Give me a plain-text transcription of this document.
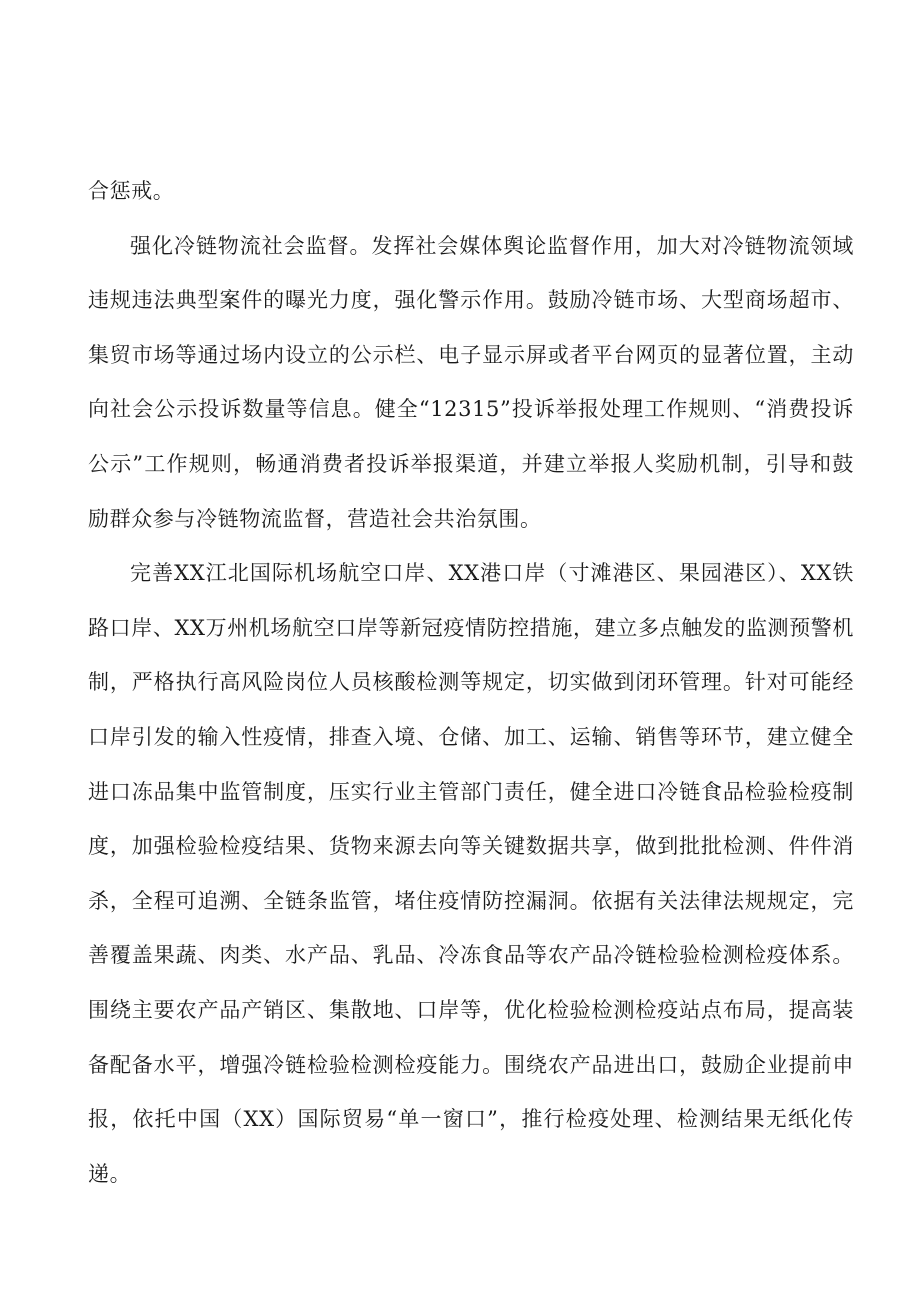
合惩戒。

强化冷链物流社会监督。发挥社会媒体舆论监督作用，加大对冷链物流领域违规违法典型案件的曝光力度，强化警示作用。鼓励冷链市场、大型商场超市、集贸市场等通过场内设立的公示栏、电子显示屏或者平台网页的显著位置，主动向社会公示投诉数量等信息。健全“12315”投诉举报处理工作规则、“消费投诉公示”工作规则，畅通消费者投诉举报渠道，并建立举报人奖励机制，引导和鼓励群众参与冷链物流监督，营造社会共治氛围。

完善XX江北国际机场航空口岸、XX港口岸（寸滩港区、果园港区）、XX铁路口岸、XX万州机场航空口岸等新冠疫情防控措施，建立多点触发的监测预警机制，严格执行高风险岗位人员核酸检测等规定，切实做到闭环管理。针对可能经口岸引发的输入性疫情，排查入境、仓储、加工、运输、销售等环节，建立健全进口冻品集中监管制度，压实行业主管部门责任，健全进口冷链食品检验检疫制度，加强检验检疫结果、货物来源去向等关键数据共享，做到批批检测、件件消杀，全程可追溯、全链条监管，堵住疫情防控漏洞。依据有关法律法规规定，完善覆盖果蔬、肉类、水产品、乳品、冷冻食品等农产品冷链检验检测检疫体系。围绕主要农产品产销区、集散地、口岸等，优化检验检测检疫站点布局，提高装备配备水平，增强冷链检验检测检疫能力。围绕农产品进出口，鼓励企业提前申报，依托中国（XX）国际贸易“单一窗口”，推行检疫处理、检测结果无纸化传递。
